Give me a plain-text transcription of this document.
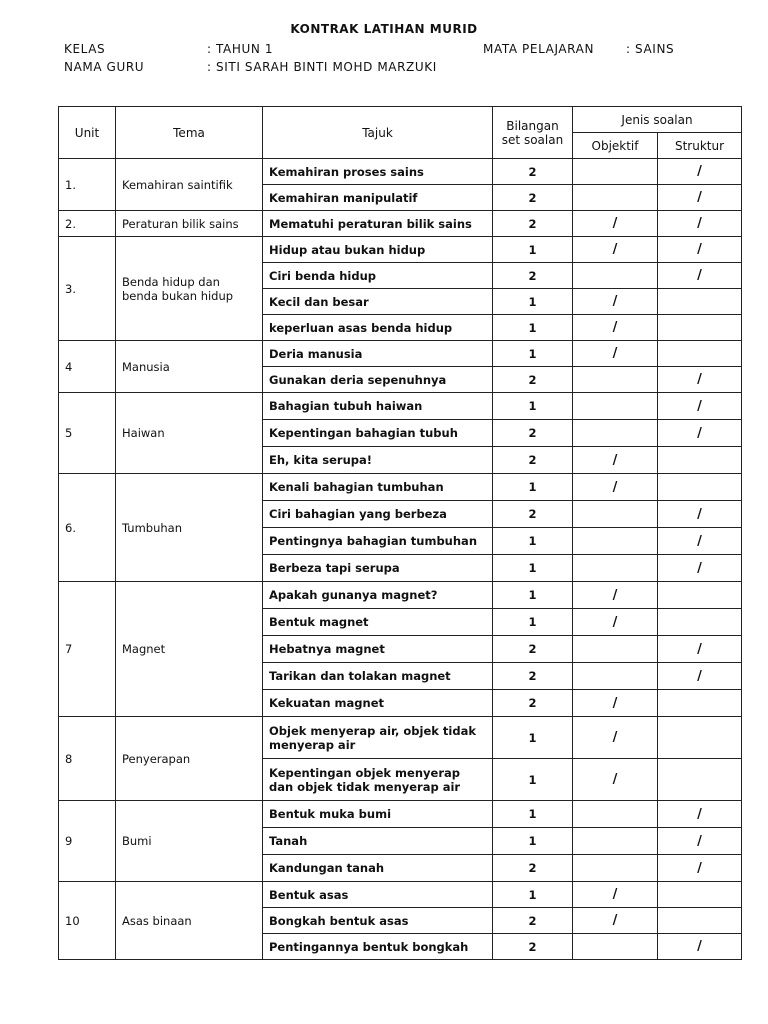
KONTRAK LATIHAN MURID
KELAS	: TAHUN 1	MATA PELAJARAN	: SAINS
NAMA GURU	: SITI SARAH BINTI MOHD MARZUKI
Unit	Tema	Tajuk	Bilangan set soalan	Jenis soalan	
				Objektif	Struktur
1.	Kemahiran saintifik	Kemahiran proses sains	2		/
		Kemahiran manipulatif	2		/
2.	Peraturan bilik sains	Mematuhi peraturan bilik sains	2	/	/
3.	Benda hidup dan benda bukan hidup	Hidup atau bukan hidup	1	/	/
		Ciri benda hidup	2		/
		Kecil dan besar	1	/	
		keperluan asas benda hidup	1	/	
4	Manusia	Deria manusia	1	/	
		Gunakan deria sepenuhnya	2		/
5	Haiwan	Bahagian tubuh haiwan	1		/
		Kepentingan bahagian tubuh	2		/
		Eh, kita serupa!	2	/	
6.	Tumbuhan	Kenali bahagian tumbuhan	1	/	
		Ciri bahagian yang berbeza	2		/
		Pentingnya bahagian tumbuhan	1		/
		Berbeza tapi serupa	1		/
7	Magnet	Apakah gunanya magnet?	1	/	
		Bentuk magnet	1	/	
		Hebatnya magnet	2		/
		Tarikan dan tolakan magnet	2		/
		Kekuatan magnet	2	/	
8	Penyerapan	Objek menyerap air, objek tidak menyerap air	1	/	
		Kepentingan objek menyerap dan objek tidak menyerap air	1	/	
9	Bumi	Bentuk muka bumi	1		/
		Tanah	1		/
		Kandungan tanah	2		/
10	Asas binaan	Bentuk asas	1	/	
		Bongkah bentuk asas	2	/	
		Pentingannya bentuk bongkah	2		/
